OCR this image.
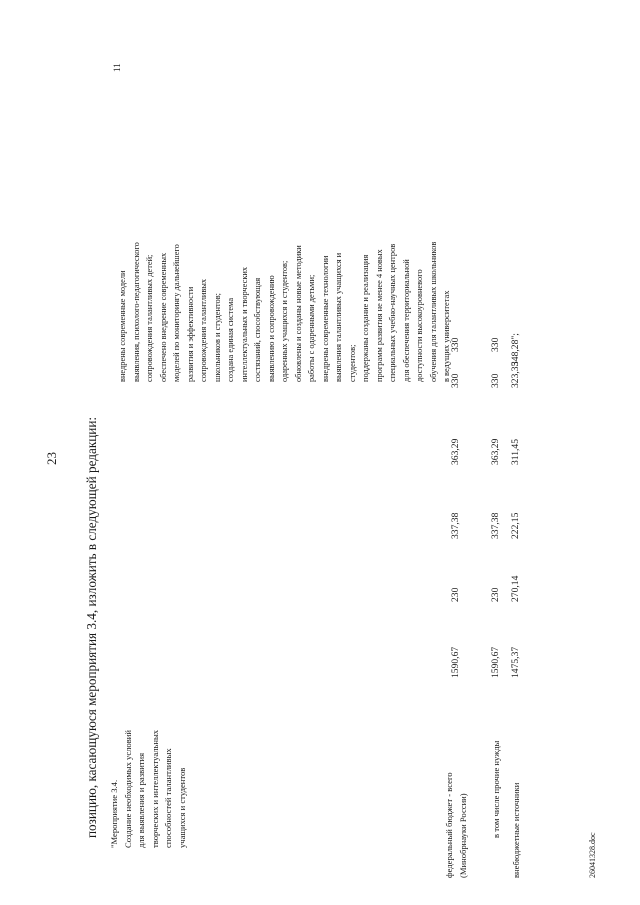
23
11
позицию, касающуюся мероприятия 3.4, изложить в следующей редакции: "Мероприятие 3.4. Создание необходимых условий для выявления и развития творческих и интеллектуальных способностей талантливых учащихся и студентов	федеральный бюджет - всего (Минобрнауки России)	в том числе прочие нужды внебюджетные источники
1590,67
230
337,38
363,29
330
330
1590,67
230
337,38
363,29
330
330
1475,37
270,14
222,15
311,45
323,35
348,28";
внедрены современные модели выявления, психолого-педагогического сопровождения талантливых детей; обеспечено внедрение современных моделей по мониторингу дальнейшего развития и эффективности сопровождения талантливых школьников и студентов; создана единая система интеллектуальных и творческих состязаний, способствующая выявлению и сопровождению одаренных учащихся и студентов; обновлены и созданы новые методики работы с одаренными детьми; внедрены современные технологии выявления талантливых учащихся и студентов; поддержаны создание и реализация программ развития не менее 4 новых специальных учебно-научных центров для обеспечения территориальной доступности высокоуровневого обучения для талантливых школьников в ведущих университетах
26041328.doc
